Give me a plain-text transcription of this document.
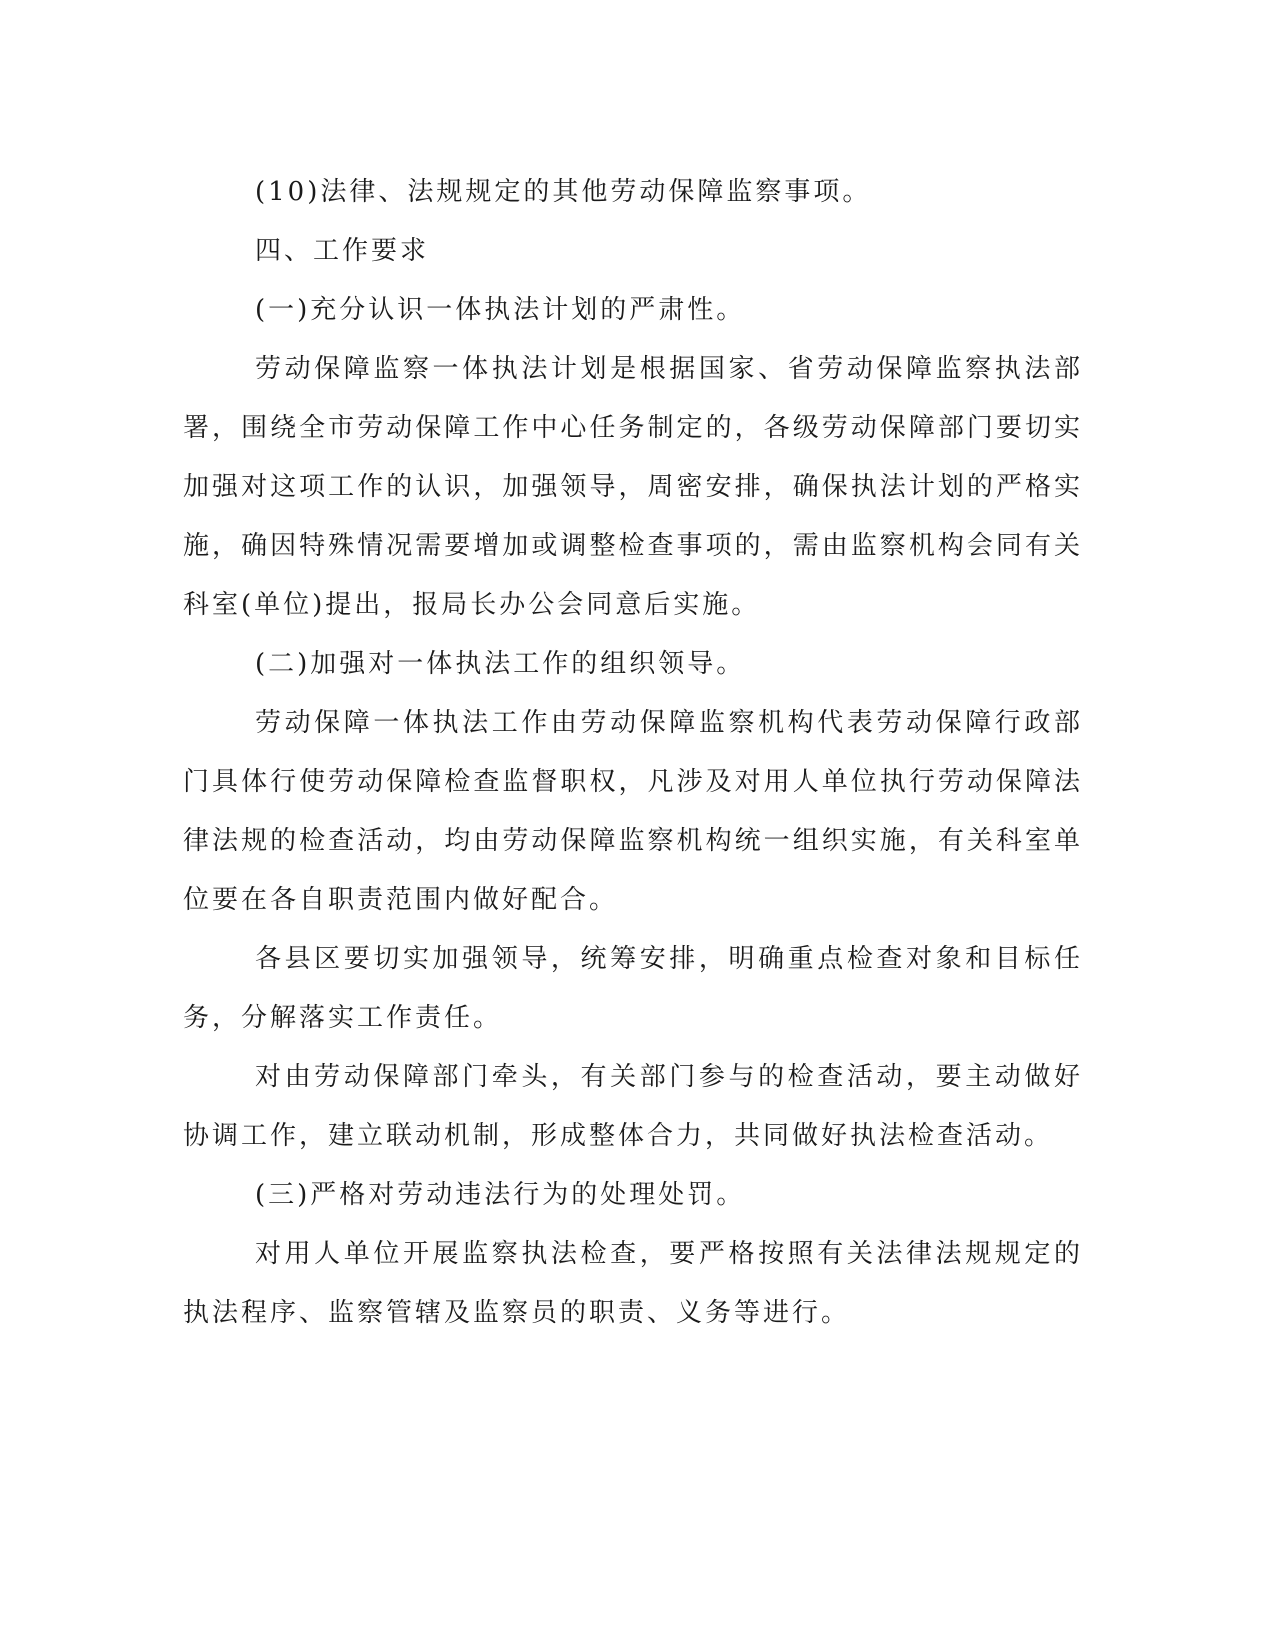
(10)法律、法规规定的其他劳动保障监察事项。

四、工作要求

(一)充分认识一体执法计划的严肃性。

劳动保障监察一体执法计划是根据国家、省劳动保障监察执法部署，围绕全市劳动保障工作中心任务制定的，各级劳动保障部门要切实加强对这项工作的认识，加强领导，周密安排，确保执法计划的严格实施，确因特殊情况需要增加或调整检查事项的，需由监察机构会同有关科室(单位)提出，报局长办公会同意后实施。

(二)加强对一体执法工作的组织领导。

劳动保障一体执法工作由劳动保障监察机构代表劳动保障行政部门具体行使劳动保障检查监督职权，凡涉及对用人单位执行劳动保障法律法规的检查活动，均由劳动保障监察机构统一组织实施，有关科室单位要在各自职责范围内做好配合。

各县区要切实加强领导，统筹安排，明确重点检查对象和目标任务，分解落实工作责任。

对由劳动保障部门牵头，有关部门参与的检查活动，要主动做好协调工作，建立联动机制，形成整体合力，共同做好执法检查活动。

(三)严格对劳动违法行为的处理处罚。

对用人单位开展监察执法检查，要严格按照有关法律法规规定的执法程序、监察管辖及监察员的职责、义务等进行。
